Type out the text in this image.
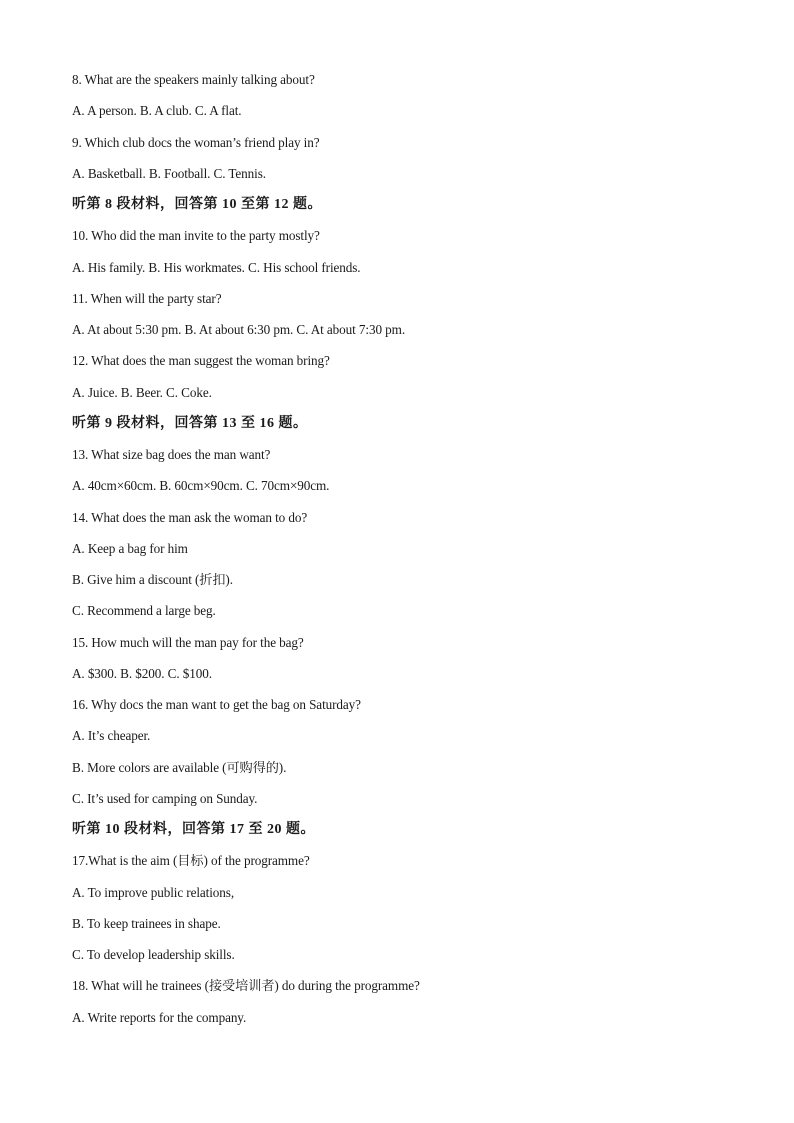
8. What are the speakers mainly talking about?
A. A person. B. A club. C. A flat.
9. Which club docs the woman’s friend play in?
A. Basketball. B. Football. C. Tennis.
听第 8 段材料，回答第 10 至第 12 题。
10. Who did the man invite to the party mostly?
A. His family. B. His workmates. C. His school friends.
11. When will the party star?
A. At about 5:30 pm. B. At about 6:30 pm. C. At about 7:30 pm.
12. What does the man suggest the woman bring?
A. Juice. B. Beer. C. Coke.
听第 9 段材料，回答第 13 至 16 题。
13. What size bag does the man want?
A. 40cm×60cm. B. 60cm×90cm. C. 70cm×90cm.
14. What does the man ask the woman to do?
A. Keep a bag for him
B. Give him a discount (折扣).
C. Recommend a large beg.
15. How much will the man pay for the bag?
A. $300. B. $200. C. $100.
16. Why docs the man want to get the bag on Saturday?
A. It’s cheaper.
B. More colors are available (可购得的).
C. It’s used for camping on Sunday.
听第 10 段材料，回答第 17 至 20 题。
17.What is the aim (目标) of the programme?
A. To improve public relations,
B. To keep trainees in shape.
C. To develop leadership skills.
18. What will he trainees (接受培训者) do during the programme?
A. Write reports for the company.
